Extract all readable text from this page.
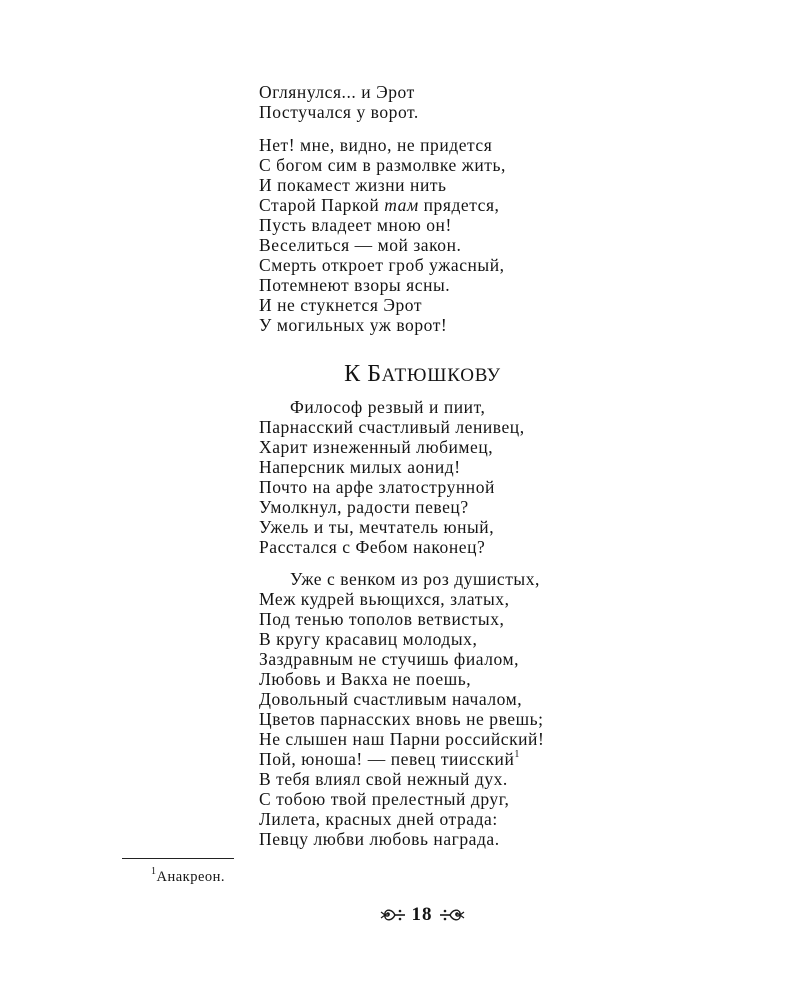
Оглянулся... и Эрот
Постучался у ворот.
Нет! мне, видно, не придется
С богом сим в размолвке жить,
И покамест жизни нить
Старой Паркой там прядется,
Пусть владеет мною он!
Веселиться — мой закон.
Смерть откроет гроб ужасный,
Потемнеют взоры ясны.
И не стукнется Эрот
У могильных уж ворот!
К БАТЮШКОВУ
Философ резвый и пиит,
Парнасский счастливый ленивец,
Харит изнеженный любимец,
Наперсник милых аонид!
Почто на арфе златострунной
Умолкнул, радости певец?
Ужель и ты, мечтатель юный,
Расстался с Фебом наконец?
Уже с венком из роз душистых,
Меж кудрей вьющихся, златых,
Под тенью тополов ветвистых,
В кругу красавиц молодых,
Заздравным не стучишь фиалом,
Любовь и Вакха не поешь,
Довольный счастливым началом,
Цветов парнасских вновь не рвешь;
Не слышен наш Парни российский!
Пой, юноша! — певец тиисский$^1$
В тебя влиял свой нежный дух.
С тобою твой прелестный друг,
Лилета, красных дней отрада:
Певцу любви любовь награда.
$^1$Анакреон.
18
